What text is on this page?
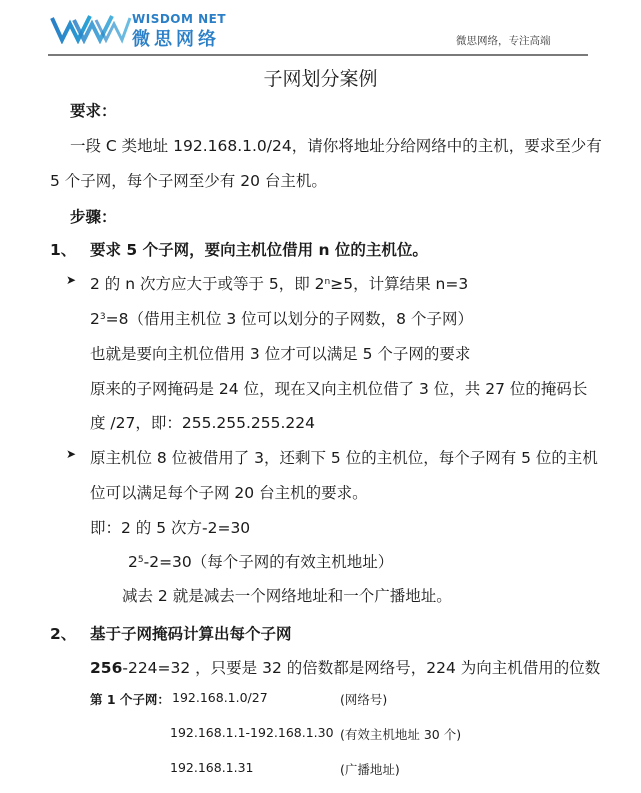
WISDOM NET
微思网络	微思网络，专注高端
子网划分案例
要求：
一段 C 类地址 192.168.1.0/24，请你将地址分给网络中的主机，要求至少有
5 个子网，每个子网至少有 20 台主机。
步骤：
1、 要求 5 个子网，要向主机位借用 n 位的主机位。
➤ 2 的 n 次方应大于或等于 5，即 $2^n\ge 5$，计算结果 n=3
$2^3=8$（借用主机位 3 位可以划分的子网数，8 个子网）
也就是要向主机位借用 3 位才可以满足 5 个子网的要求
原来的子网掩码是 24 位，现在又向主机位借了 3 位，共 27 位的掩码长
度 /27，即：255.255.255.224
➤ 原主机位 8 位被借用了 3，还剩下 5 位的主机位，每个子网有 5 位的主机
位可以满足每个子网 20 台主机的要求。
即：2 的 5 次方-2=30
$2^5-2=30$（每个子网的有效主机地址）
减去 2 就是减去一个网络地址和一个广播地址。
2、 基于子网掩码计算出每个子网
256-224=32 ，只要是 32 的倍数都是网络号，224 为向主机借用的位数
第 1 个子网： 192.168.1.0/27	(网络号)
192.168.1.1-192.168.1.30 (有效主机地址 30 个)
192.168.1.31	(广播地址)
